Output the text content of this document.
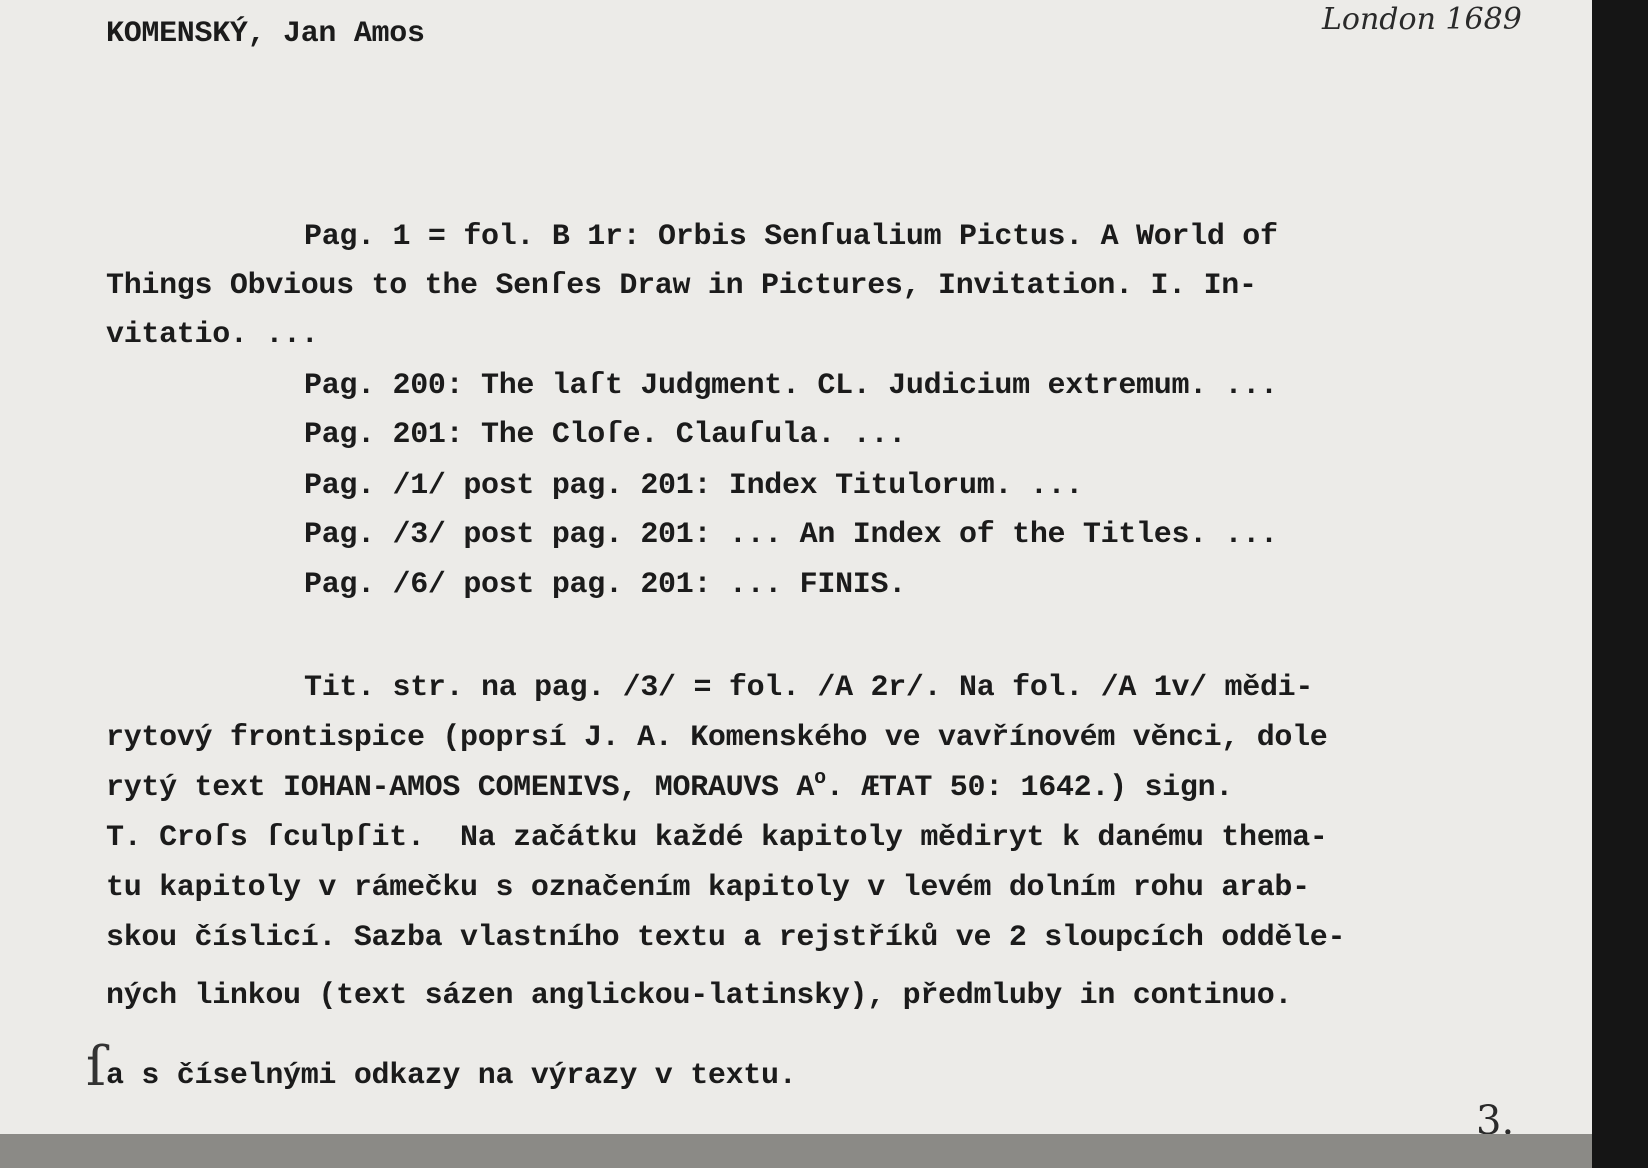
KOMENSKÝ, Jan Amos	London 1689
Pag. 1 = fol. B 1r: Orbis Senſualium Pictus. A World of
Things Obvious to the Senſes Draw in Pictures, Invitation. I. In-
vitatio. ...
Pag. 200: The laſt Judgment. CL. Judicium extremum. ...
Pag. 201: The Cloſe. Clauſula. ...
Pag. /1/ post pag. 201: Index Titulorum. ...
Pag. /3/ post pag. 201: ... An Index of the Titles. ...
Pag. /6/ post pag. 201: ... FINIS.
Tit. str. na pag. /3/ = fol. /A 2r/. Na fol. /A 1v/ mědi-
rytový frontispice (poprsí J. A. Komenského ve vavřínovém věnci, dole
rytý text IOHAN-AMOS COMENIVS, MORAUVS $A^o$. ÆTAT 50: 1642.) sign.
T. Croſs ſculpſit.  Na začátku každé kapitoly mědiryt k danému thema-
tu kapitoly v rámečku s označením kapitoly v levém dolním rohu arab-
skou číslicí. Sazba vlastního textu a rejstříků ve 2 sloupcích odděle-
ných linkou (text sázen anglickou-latinsky), předmluby in continuo.
ſ a s číselnými odkazy na výrazy v textu.
3.
